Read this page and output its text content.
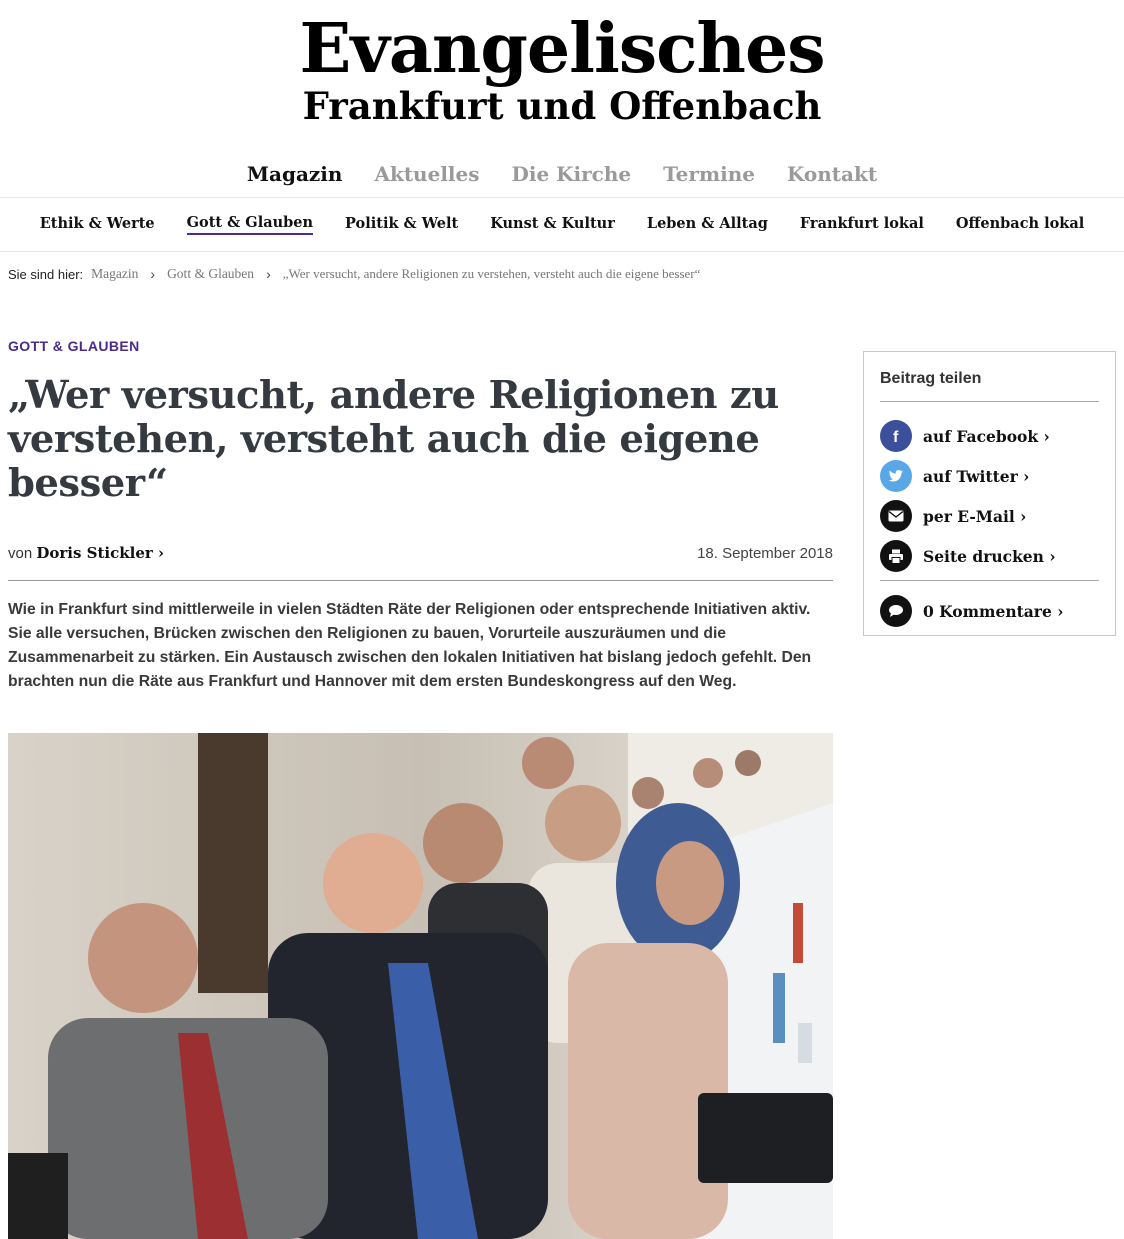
Evangelisches
Frankfurt und Offenbach
Magazin Aktuelles Die Kirche Termine Kontakt
Ethik & Werte Gott & Glauben Politik & Welt Kunst & Kultur Leben & Alltag Frankfurt lokal Offenbach lokal
Sie sind hier: Magazin › Gott & Glauben › „Wer versucht, andere Religionen zu verstehen, versteht auch die eigene besser“
GOTT & GLAUBEN
„Wer versucht, andere Religionen zu verstehen, versteht auch die eigene besser“
von Doris Stickler ›	18. September 2018

Wie in Frankfurt sind mittlerweile in vielen Städten Räte der Religionen oder entsprechende Initiativen aktiv. Sie alle versuchen, Brücken zwischen den Religionen zu bauen, Vorurteile auszuräumen und die Zusammenarbeit zu stärken. Ein Austausch zwischen den lokalen Initiativen hat bislang jedoch gefehlt. Den brachten nun die Räte aus Frankfurt und Hannover mit dem ersten Bundeskongress auf den Weg.

Beitrag teilen
f auf Facebook ›
auf Twitter ›
per E-Mail ›
Seite drucken ›
0 Kommentare ›
